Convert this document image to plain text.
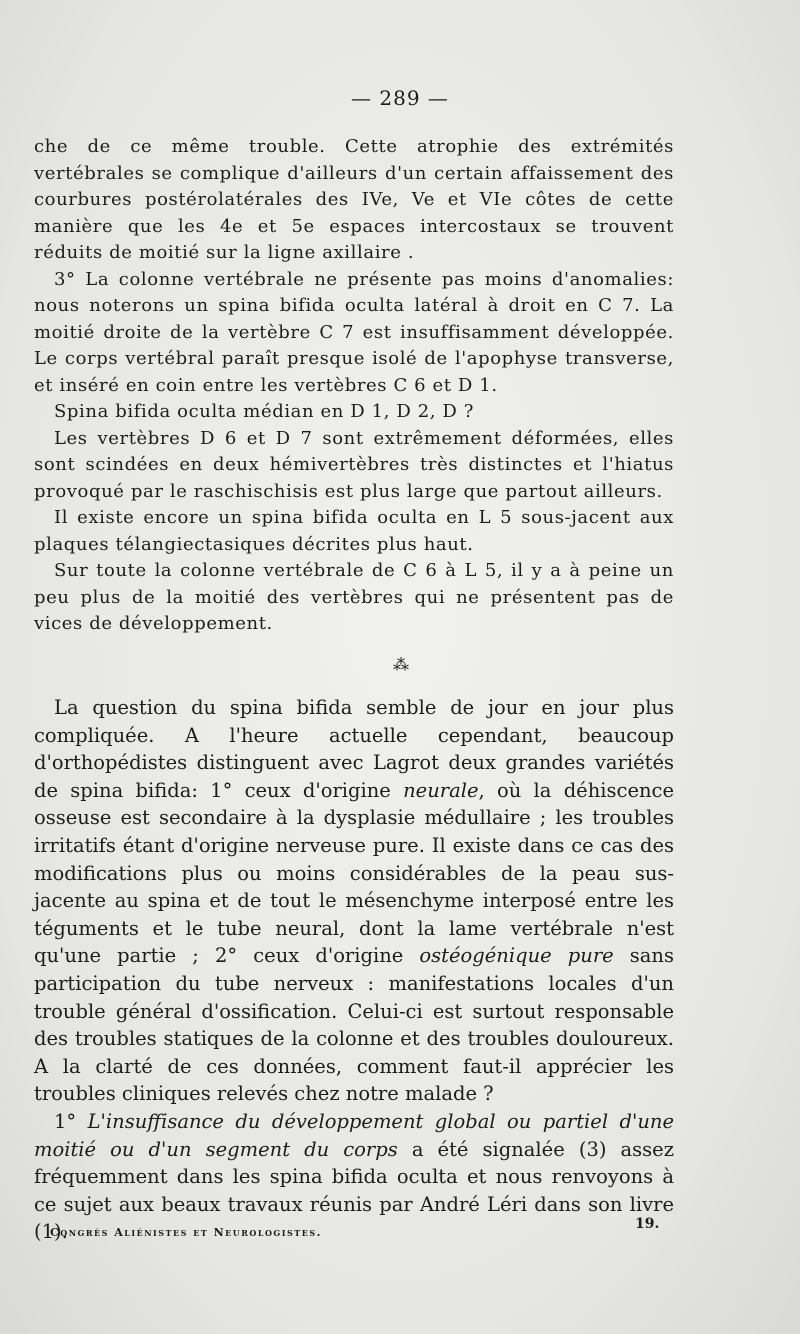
— 289 —

che de ce même trouble. Cette atrophie des extrémités vertébrales se complique d'ailleurs d'un certain affaissement des courbures postérolatérales des IVe, Ve et VIe côtes de cette manière que les 4e et 5e espaces intercostaux se trouvent réduits de moitié sur la ligne axillaire .

3° La colonne vertébrale ne présente pas moins d'anomalies: nous noterons un spina bifida oculta latéral à droit en C 7. La moitié droite de la vertèbre C 7 est insuffisamment développée. Le corps vertébral paraît presque isolé de l'apophyse transverse, et inséré en coin entre les vertèbres C 6 et D 1.

Spina bifida oculta médian en D 1, D 2, D ?

Les vertèbres D 6 et D 7 sont extrêmement déformées, elles sont scindées en deux hémivertèbres très distinctes et l'hiatus provoqué par le raschischisis est plus large que partout ailleurs.

Il existe encore un spina bifida oculta en L 5 sous-jacent aux plaques télangiectasiques décrites plus haut.

Sur toute la colonne vertébrale de C 6 à L 5, il y a à peine un peu plus de la moitié des vertèbres qui ne présentent pas de vices de développement.

⁂

La question du spina bifida semble de jour en jour plus compliquée. A l'heure actuelle cependant, beaucoup d'orthopédistes distinguent avec Lagrot deux grandes variétés de spina bifida: 1° ceux d'origine neurale, où la déhiscence osseuse est secondaire à la dysplasie médullaire ; les troubles irritatifs étant d'origine nerveuse pure. Il existe dans ce cas des modifications plus ou moins considérables de la peau sus-jacente au spina et de tout le mésenchyme interposé entre les téguments et le tube neural, dont la lame vertébrale n'est qu'une partie ; 2° ceux d'origine ostéogénique pure sans participation du tube nerveux : manifestations locales d'un trouble général d'ossification. Celui-ci est surtout responsable des troubles statiques de la colonne et des troubles douloureux. A la clarté de ces données, comment faut-il apprécier les troubles cliniques relevés chez notre malade ?

1° L'insuffisance du développement global ou partiel d'une moitié ou d'un segment du corps a été signalée (3) assez fréquemment dans les spina bifida oculta et nous renvoyons à ce sujet aux beaux travaux réunis par André Léri dans son livre (1).

Congrès Aliénistes et Neurologistes.
19.
